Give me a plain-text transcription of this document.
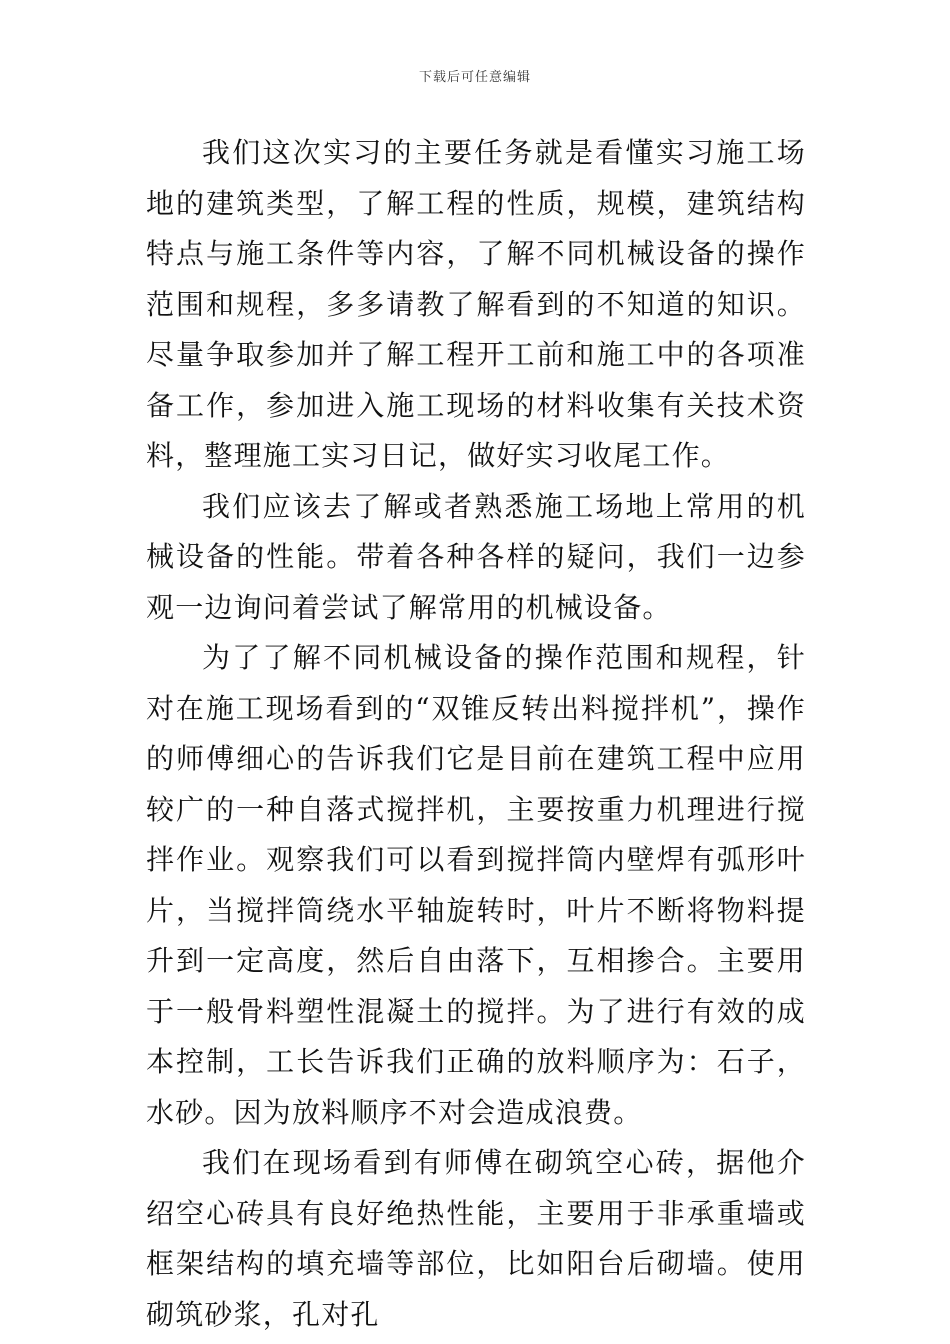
下载后可任意编辑

我们这次实习的主要任务就是看懂实习施工场地的建筑类型，了解工程的性质，规模，建筑结构特点与施工条件等内容，了解不同机械设备的操作范围和规程，多多请教了解看到的不知道的知识。尽量争取参加并了解工程开工前和施工中的各项准备工作，参加进入施工现场的材料收集有关技术资料，整理施工实习日记，做好实习收尾工作。

我们应该去了解或者熟悉施工场地上常用的机械设备的性能。带着各种各样的疑问，我们一边参观一边询问着尝试了解常用的机械设备。

为了了解不同机械设备的操作范围和规程，针对在施工现场看到的“双锥反转出料搅拌机”，操作的师傅细心的告诉我们它是目前在建筑工程中应用较广的一种自落式搅拌机，主要按重力机理进行搅拌作业。观察我们可以看到搅拌筒内壁焊有弧形叶片，当搅拌筒绕水平轴旋转时，叶片不断将物料提升到一定高度，然后自由落下，互相掺合。主要用于一般骨料塑性混凝土的搅拌。为了进行有效的成本控制，工长告诉我们正确的放料顺序为：石子，水砂。因为放料顺序不对会造成浪费。

我们在现场看到有师傅在砌筑空心砖，据他介绍空心砖具有良好绝热性能，主要用于非承重墙或框架结构的填充墙等部位，比如阳台后砌墙。使用砌筑砂浆，孔对孔
